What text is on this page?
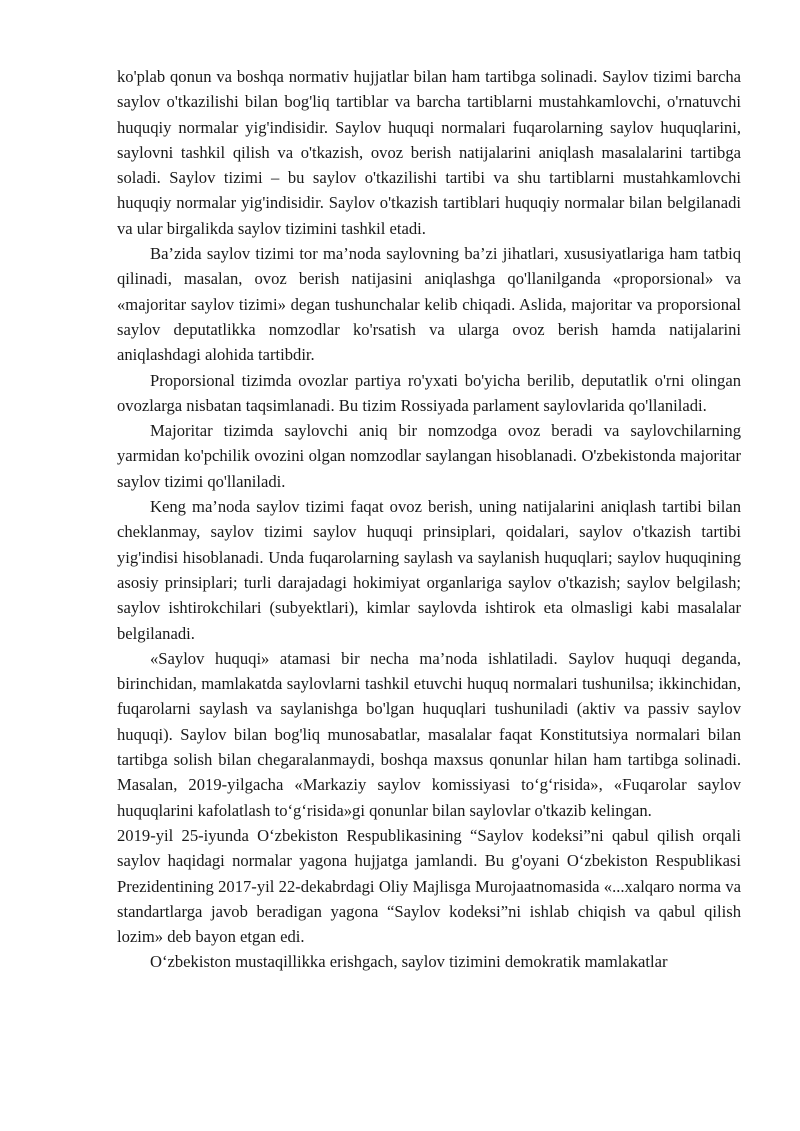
ko'plab qonun va boshqa normativ hujjatlar bilan ham tartibga solinadi. Saylov tizimi barcha saylov o'tkazilishi bilan bog'liq tartiblar va barcha tartiblarni mustahkamlovchi, o'rnatuvchi huquqiy normalar yig'indisidir. Saylov huquqi normalari fuqarolarning saylov huquqlarini, saylovni tashkil qilish va o'tkazish, ovoz berish natijalarini aniqlash masalalarini tartibga soladi. Saylov tizimi – bu saylov o'tkazilishi tartibi va shu tartiblarni mustahkamlovchi huquqiy normalar yig'indisidir. Saylov o'tkazish tartiblari huquqiy normalar bilan belgilanadi va ular birgalikda saylov tizimini tashkil etadi.

Ba’zida saylov tizimi tor ma’noda saylovning ba’zi jihatlari, xususiyatlariga ham tatbiq qilinadi, masalan, ovoz berish natijasini aniqlashga qo'llanilganda «proporsional» va «majoritar saylov tizimi» degan tushunchalar kelib chiqadi. Aslida, majoritar va proporsional saylov deputatlikka nomzodlar ko'rsatish va ularga ovoz berish hamda natijalarini aniqlashdagi alohida tartibdir.

Proporsional tizimda ovozlar partiya ro'yxati bo'yicha berilib, deputatlik o'rni olingan ovozlarga nisbatan taqsimlanadi. Bu tizim Rossiyada parlament saylovlarida qo'llaniladi.

Majoritar tizimda saylovchi aniq bir nomzodga ovoz beradi va saylovchilarning yarmidan ko'pchilik ovozini olgan nomzodlar saylangan hisoblanadi. O'zbekistonda majoritar saylov tizimi qo'llaniladi.

Keng ma’noda saylov tizimi faqat ovoz berish, uning natijalarini aniqlash tartibi bilan cheklanmay, saylov tizimi saylov huquqi prinsiplari, qoidalari, saylov o'tkazish tartibi yig'indisi hisoblanadi. Unda fuqarolarning saylash va saylanish huquqlari; saylov huquqining asosiy prinsiplari; turli darajadagi hokimiyat organlariga saylov o'tkazish; saylov belgilash; saylov ishtirokchilari (subyektlari), kimlar saylovda ishtirok eta olmasligi kabi masalalar belgilanadi.

«Saylov huquqi» atamasi bir necha ma’noda ishlatiladi. Saylov huquqi deganda, birinchidan, mamlakatda saylovlarni tashkil etuvchi huquq normalari tushunilsa; ikkinchidan, fuqarolarni saylash va saylanishga bo'lgan huquqlari tushuniladi (aktiv va passiv saylov huquqi). Saylov bilan bog'liq munosabatlar, masalalar faqat Konstitutsiya normalari bilan tartibga solish bilan chegaralanmaydi, boshqa maxsus qonunlar hilan ham tartibga solinadi. Masalan, 2019-yilgacha «Markaziy saylov komissiyasi to‘g‘risida», «Fuqarolar saylov huquqlarini kafolatlash to‘g‘risida»gi qonunlar bilan saylovlar o'tkazib kelingan.

2019-yil 25-iyunda O‘zbekiston Respublikasining “Saylov kodeksi”ni qabul qilish orqali saylov haqidagi normalar yagona hujjatga jamlandi. Bu g'oyani O‘zbekiston Respublikasi Prezidentining 2017-yil 22-dekabrdagi Oliy Majlisga Murojaatnomasida «...xalqaro norma va standartlarga javob beradigan yagona “Saylov kodeksi”ni ishlab chiqish va qabul qilish lozim» deb bayon etgan edi.

O‘zbekiston mustaqillikka erishgach, saylov tizimini demokratik mamlakatlar
